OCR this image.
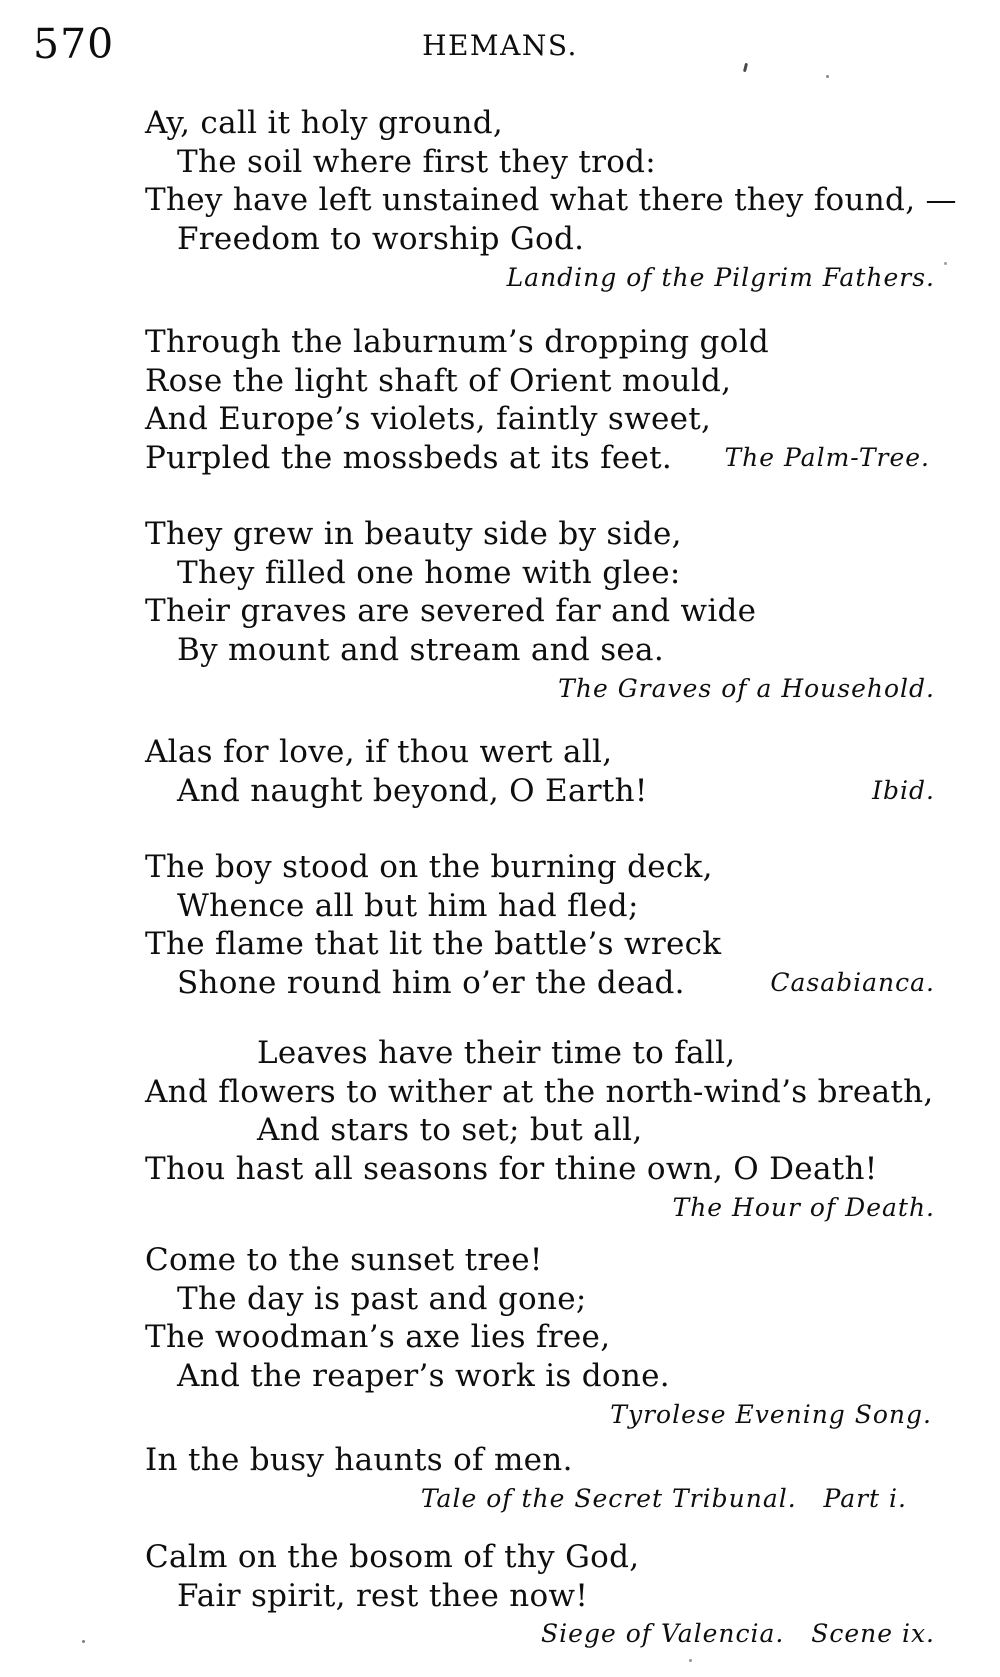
570	HEMANS.
Ay, call it holy ground,
The soil where first they trod:
They have left unstained what there they found, —
Freedom to worship God.
Landing of the Pilgrim Fathers.
Through the laburnum’s dropping gold
Rose the light shaft of Orient mould,
And Europe’s violets, faintly sweet,
Purpled the mossbeds at its feet.	The Palm-Tree.
They grew in beauty side by side,
They filled one home with glee:
Their graves are severed far and wide
By mount and stream and sea.
The Graves of a Household.
Alas for love, if thou wert all,
And naught beyond, O Earth!	Ibid.
The boy stood on the burning deck,
Whence all but him had fled;
The flame that lit the battle’s wreck
Shone round him o’er the dead.	Casabianca.
Leaves have their time to fall,
And flowers to wither at the north-wind’s breath,
And stars to set; but all,
Thou hast all seasons for thine own, O Death!
The Hour of Death.
Come to the sunset tree!
The day is past and gone;
The woodman’s axe lies free,
And the reaper’s work is done.
Tyrolese Evening Song.
In the busy haunts of men.
Tale of the Secret Tribunal.   Part i.
Calm on the bosom of thy God,
Fair spirit, rest thee now!
Siege of Valencia.   Scene ix.
